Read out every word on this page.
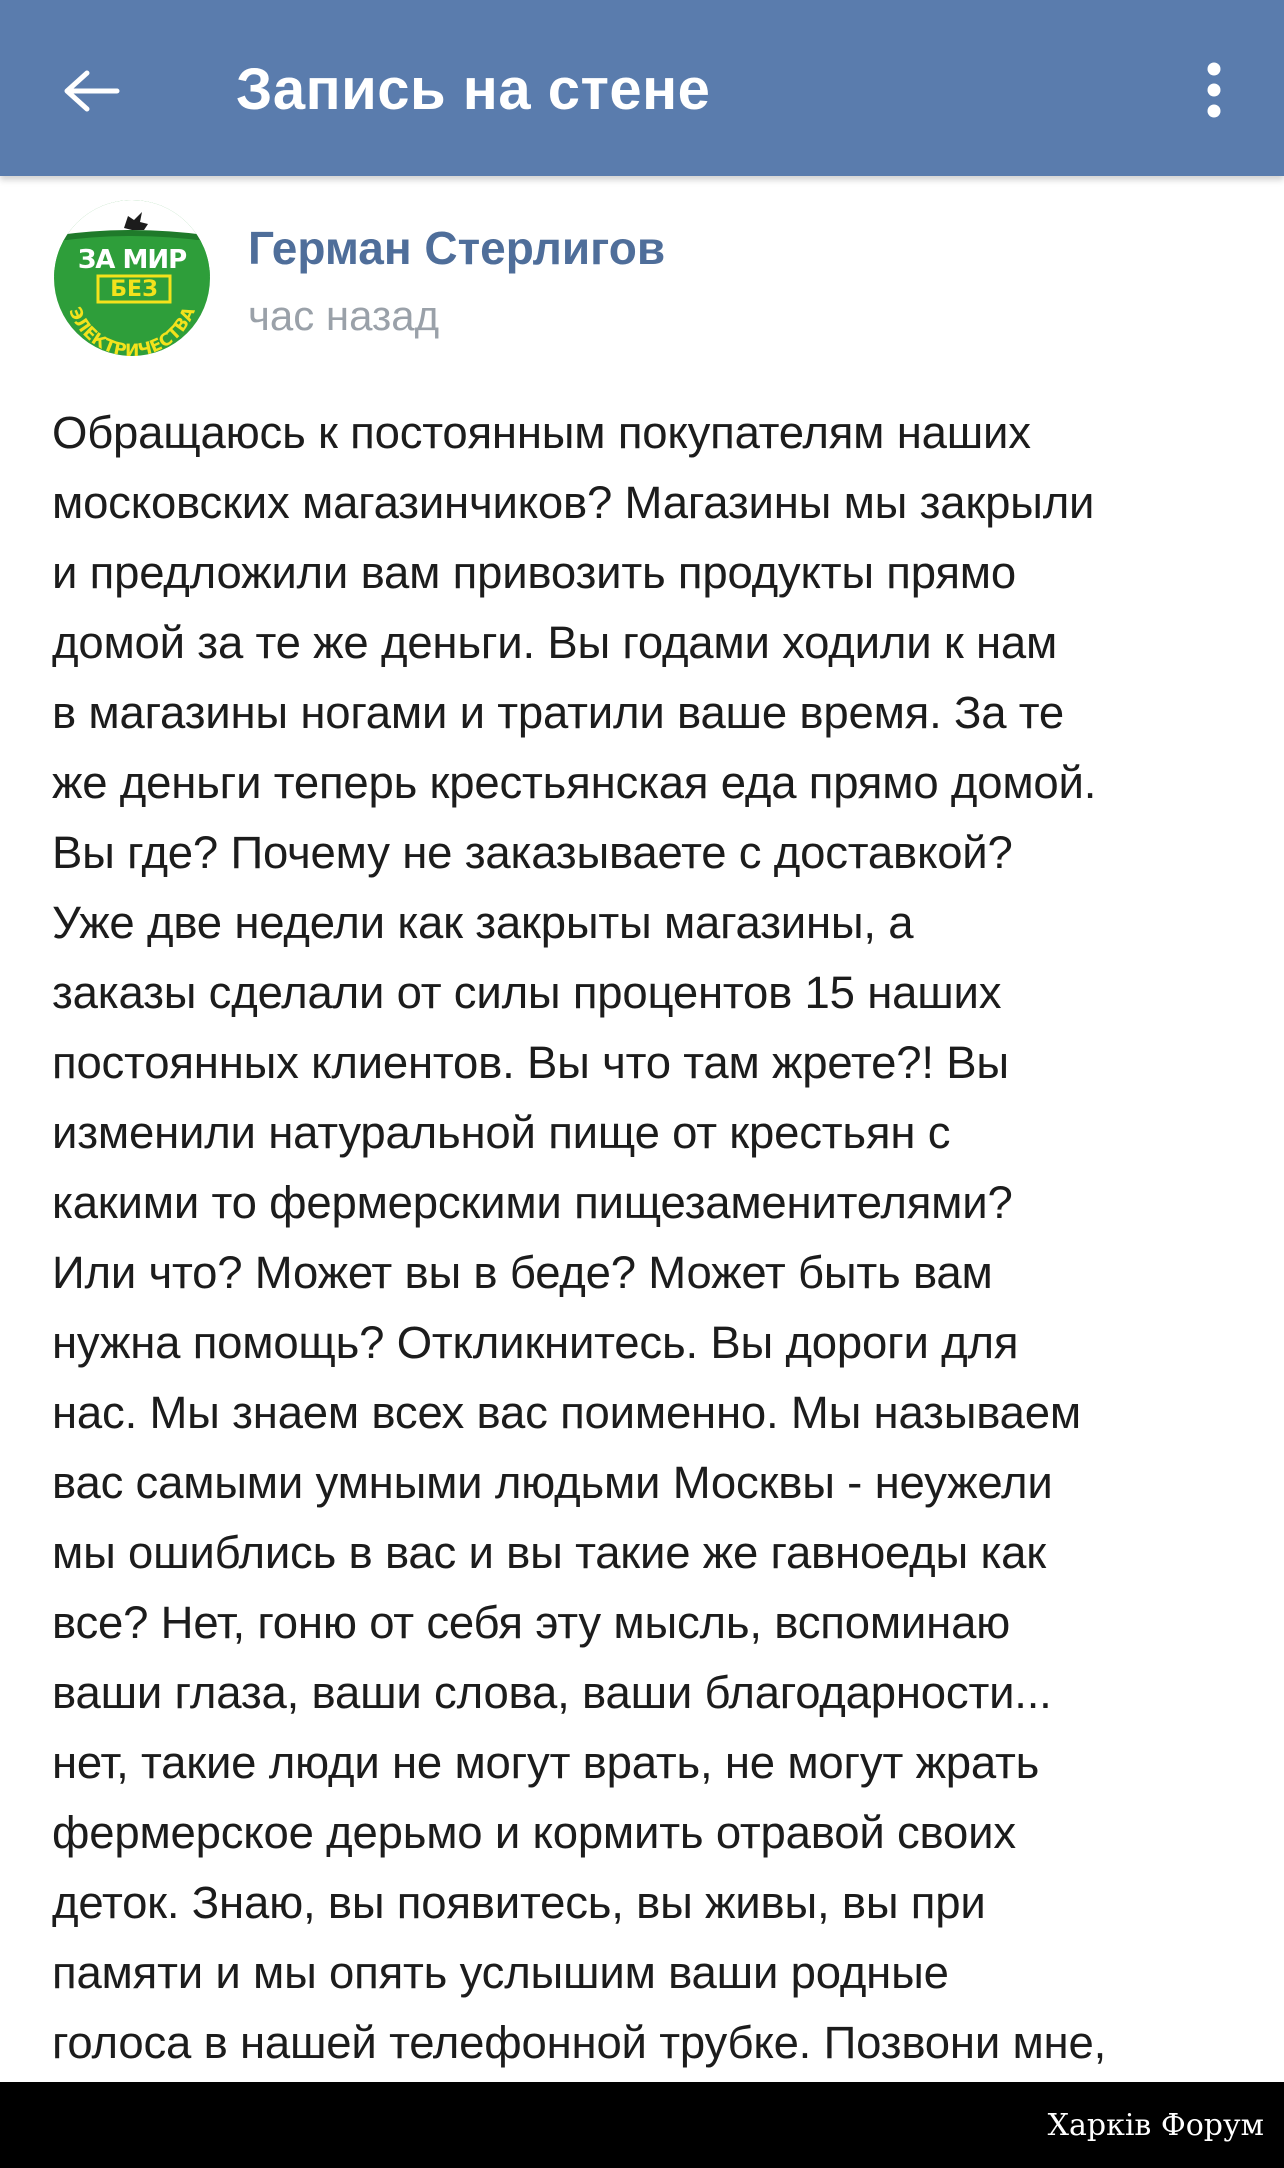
Запись на стене
ЗА МИР
БЕЗ
ЭЛЕКТРИЧЕСТВА
Герман Стерлигов
час назад

Обращаюсь к постоянным покупателям наших
московских магазинчиков? Магазины мы закрыли
и предложили вам привозить продукты прямо
домой за те же деньги. Вы годами ходили к нам
в магазины ногами и тратили ваше время. За те
же деньги теперь крестьянская еда прямо домой.
Вы где? Почему не заказываете с доставкой?
Уже две недели как закрыты магазины, а
заказы сделали от силы процентов 15 наших
постоянных клиентов. Вы что там жрете?! Вы
изменили натуральной пище от крестьян с
какими то фермерскими пищезаменителями?
Или что? Может вы в беде? Может быть вам
нужна помощь? Откликнитесь. Вы дороги для
нас. Мы знаем всех вас поименно. Мы называем
вас самыми умными людьми Москвы - неужели
мы ошиблись в вас и вы такие же гавноеды как
все? Нет, гоню от себя эту мысль, вспоминаю
ваши глаза, ваши слова, ваши благодарности...
нет, такие люди не могут врать, не могут жрать
фермерское дерьмо и кормить отравой своих
деток. Знаю, вы появитесь, вы живы, вы при
памяти и мы опять услышим ваши родные
голоса в нашей телефонной трубке. Позвони мне,

Харків Форум
